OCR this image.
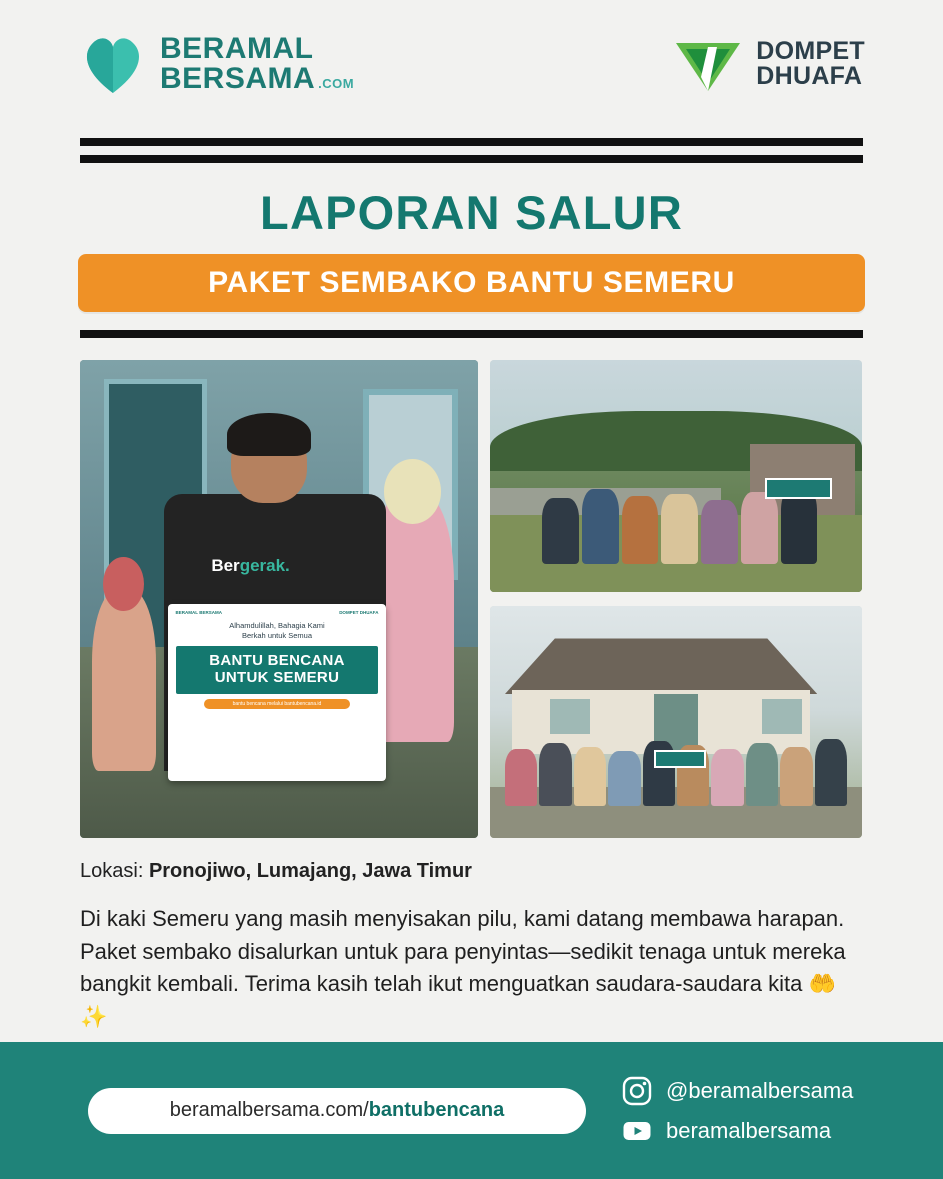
BERAMAL
BERSAMA .COM
DOMPET
DHUAFA
LAPORAN SALUR
PAKET SEMBAKO BANTU SEMERU
Bergerak.
BERAMAL BERSAMA	DOMPET DHUAFA
Alhamdulillah, Bahagia Kami
Berkah untuk Semua
BANTU BENCANA
UNTUK SEMERU
bantu bencana melalui bantubencana.id
Lokasi: Pronojiwo, Lumajang, Jawa Timur
Di kaki Semeru yang masih menyisakan pilu, kami datang membawa harapan. Paket sembako disalurkan untuk para penyintas—sedikit tenaga untuk mereka bangkit kembali. Terima kasih telah ikut menguatkan saudara-saudara kita 🤲✨
beramalbersama.com/ bantubencana
@beramalbersama
beramalbersama
